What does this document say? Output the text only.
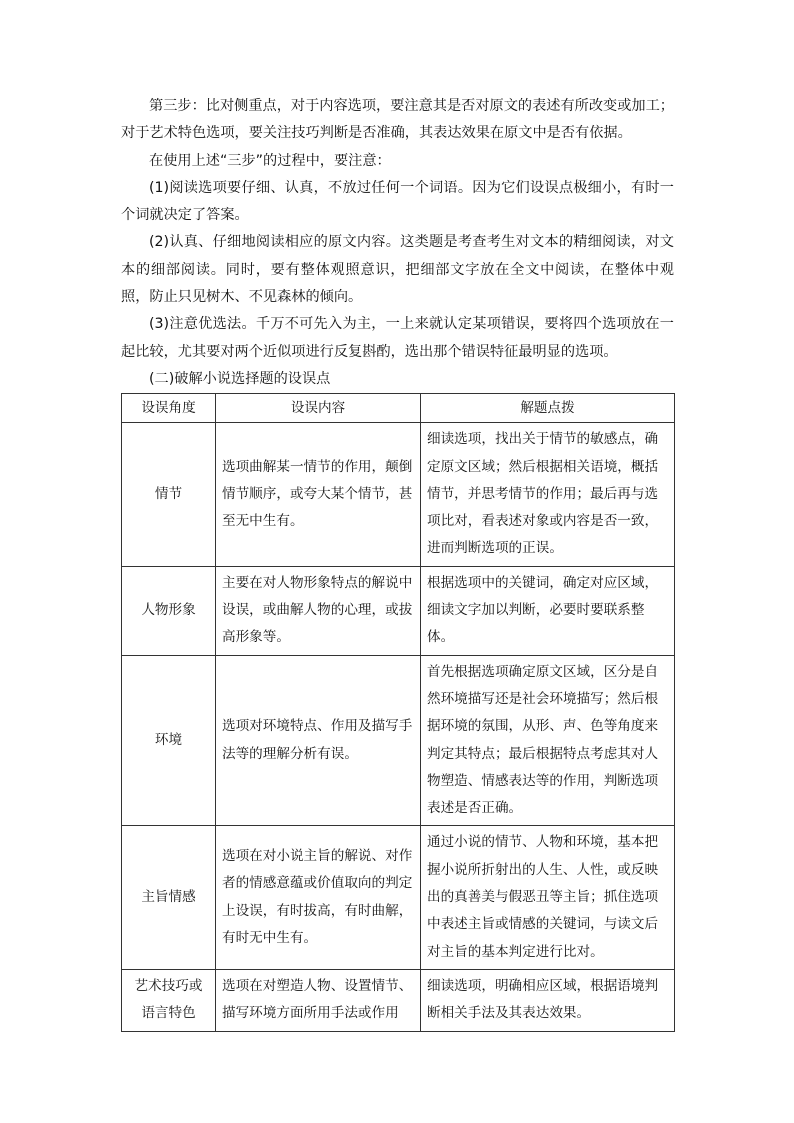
第三步：比对侧重点，对于内容选项，要注意其是否对原文的表述有所改变或加工；对于艺术特色选项，要关注技巧判断是否准确，其表达效果在原文中是否有依据。

在使用上述“三步”的过程中，要注意：

(1)阅读选项要仔细、认真，不放过任何一个词语。因为它们设误点极细小，有时一个词就决定了答案。

(2)认真、仔细地阅读相应的原文内容。这类题是考查考生对文本的精细阅读，对文本的细部阅读。同时，要有整体观照意识，把细部文字放在全文中阅读，在整体中观照，防止只见树木、不见森林的倾向。

(3)注意优选法。千万不可先入为主，一上来就认定某项错误，要将四个选项放在一起比较，尤其要对两个近似项进行反复斟酌，选出那个错误特征最明显的选项。

(二)破解小说选择题的设误点

设误角度	设误内容	解题点拨
情节	选项曲解某一情节的作用，颠倒情节顺序，或夸大某个情节，甚至无中生有。	细读选项，找出关于情节的敏感点，确定原文区域；然后根据相关语境，概括情节，并思考情节的作用；最后再与选项比对，看表述对象或内容是否一致，进而判断选项的正误。
人物形象	主要在对人物形象特点的解说中设误，或曲解人物的心理，或拔高形象等。	根据选项中的关键词，确定对应区域，细读文字加以判断，必要时要联系整体。
环境	选项对环境特点、作用及描写手法等的理解分析有误。	首先根据选项确定原文区域，区分是自然环境描写还是社会环境描写；然后根据环境的氛围，从形、声、色等角度来判定其特点；最后根据特点考虑其对人物塑造、情感表达等的作用，判断选项表述是否正确。
主旨情感	选项在对小说主旨的解说、对作者的情感意蕴或价值取向的判定上设误，有时拔高，有时曲解，有时无中生有。	通过小说的情节、人物和环境，基本把握小说所折射出的人生、人性，或反映出的真善美与假恶丑等主旨；抓住选项中表述主旨或情感的关键词，与读文后对主旨的基本判定进行比对。
艺术技巧或语言特色	选项在对塑造人物、设置情节、描写环境方面所用手法或作用	细读选项，明确相应区域，根据语境判断相关手法及其表达效果。
